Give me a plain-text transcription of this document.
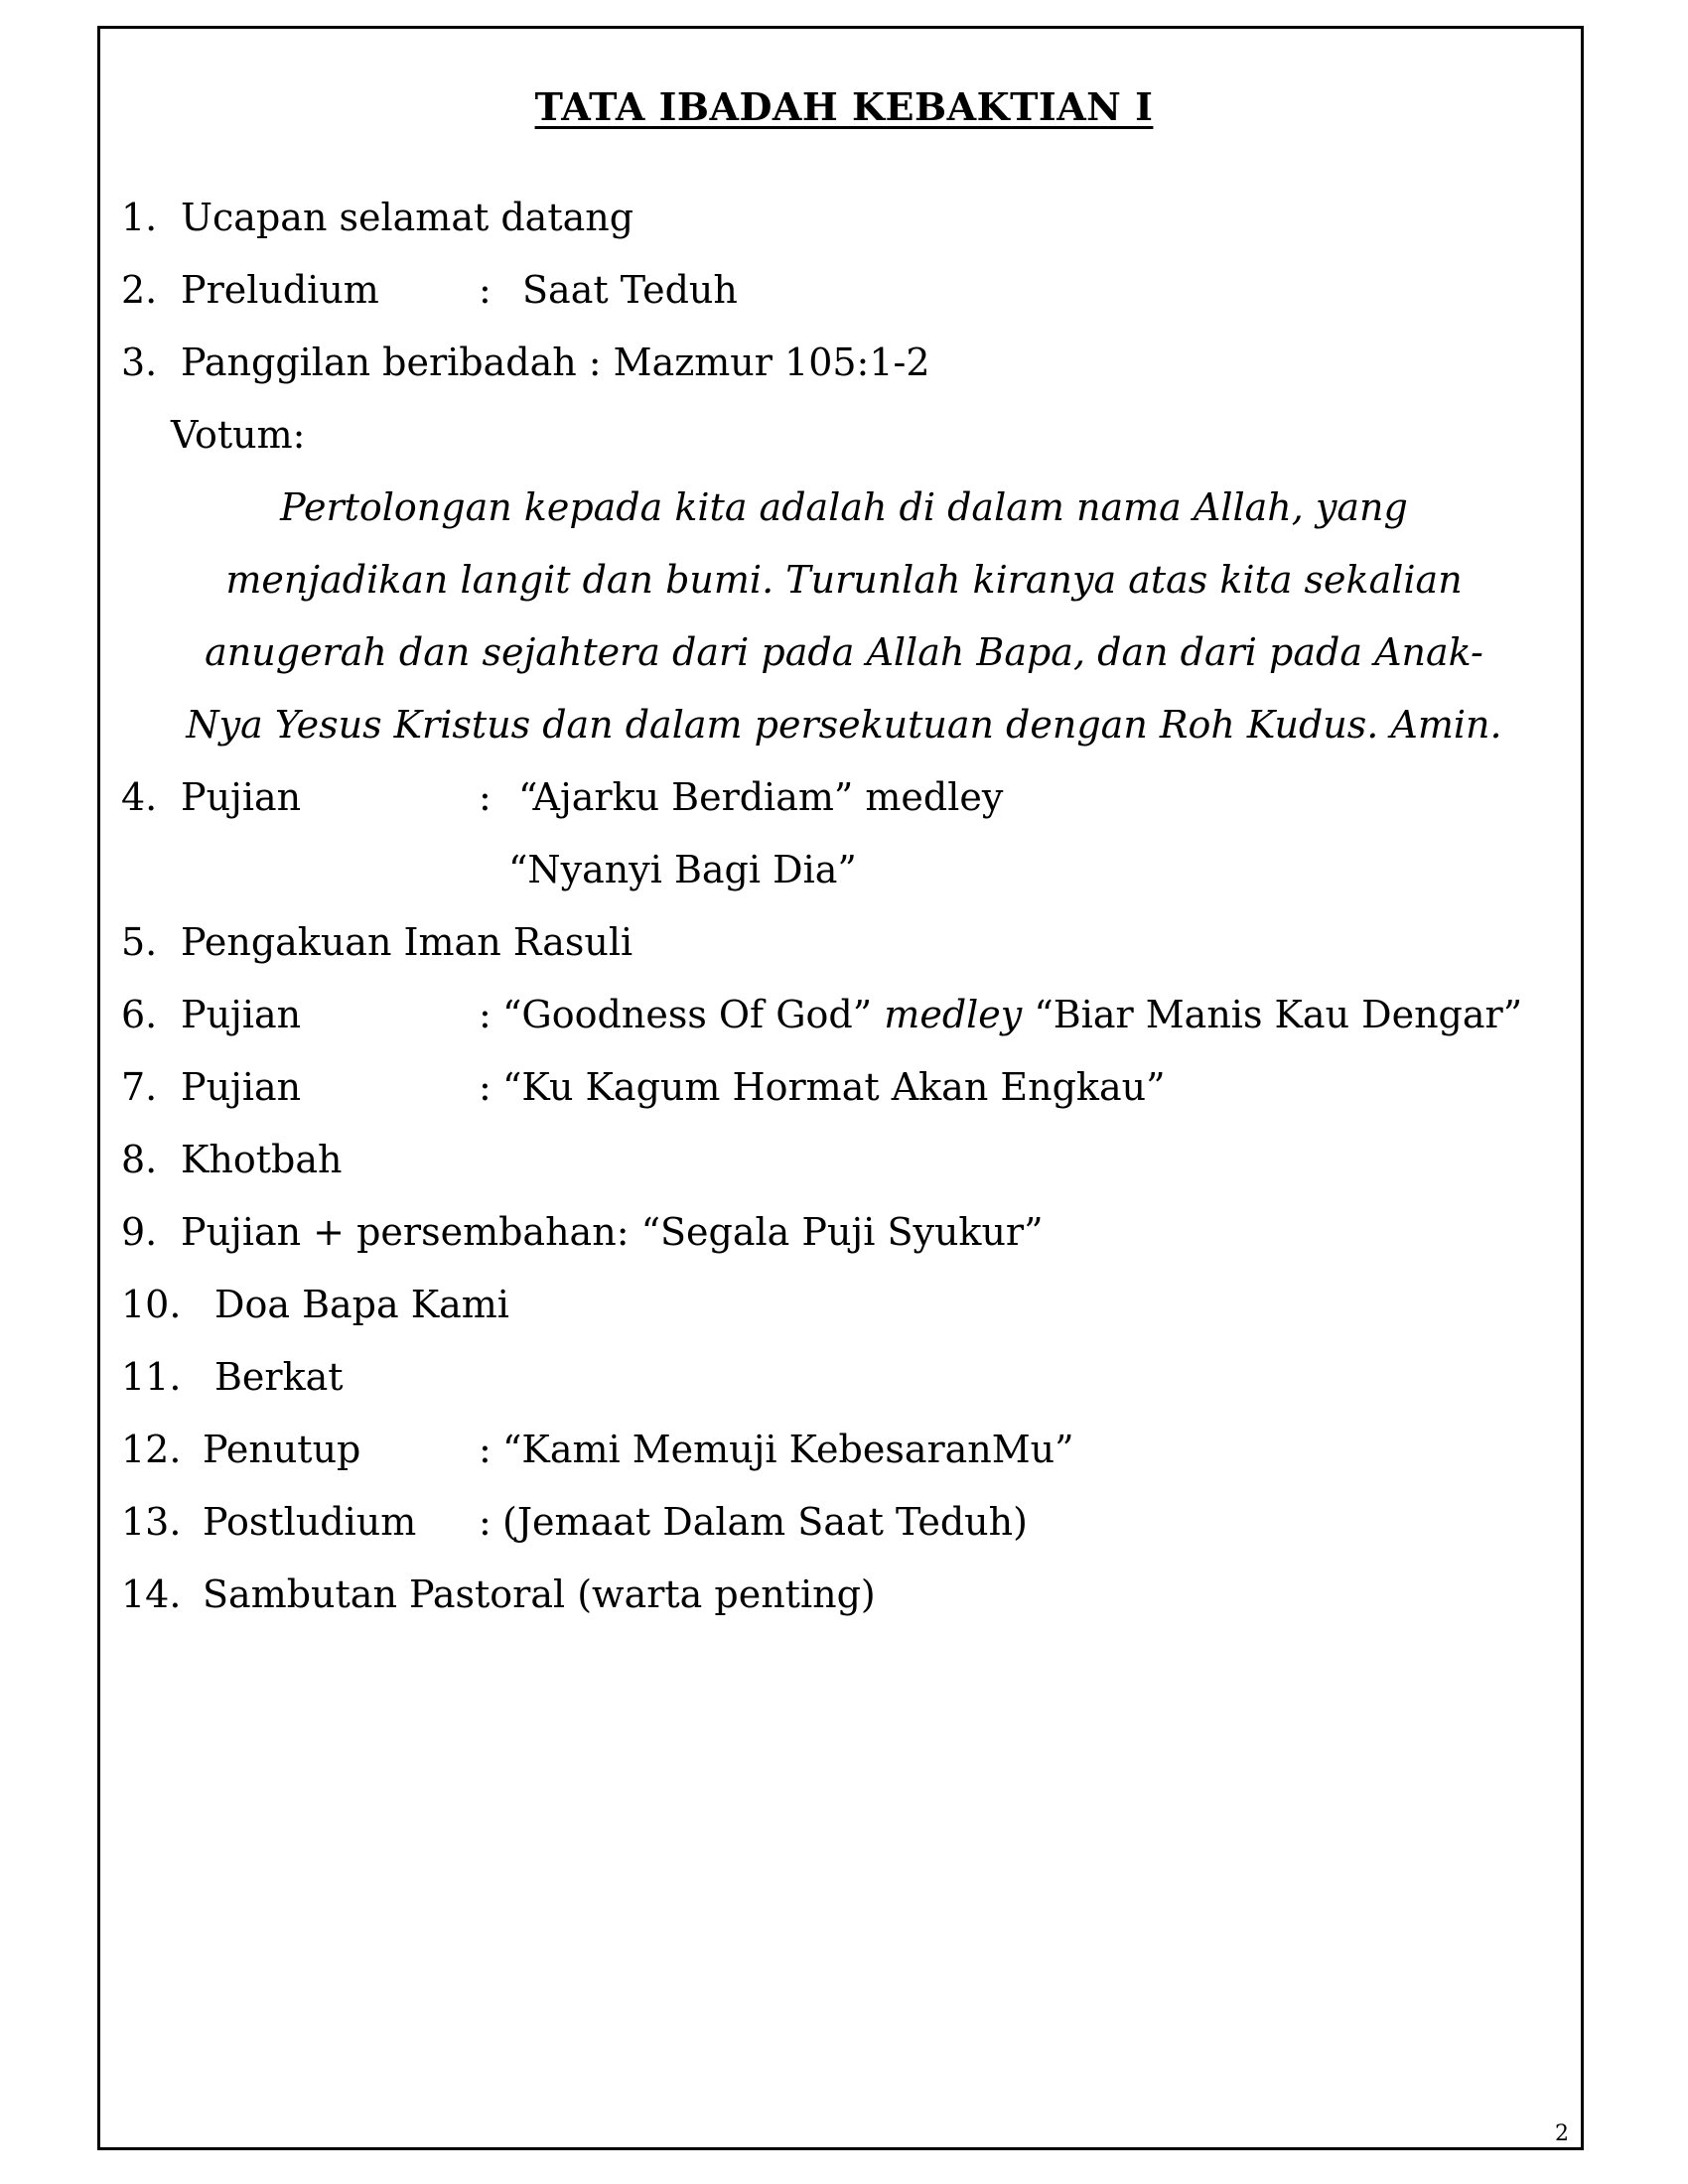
TATA IBADAH KEBAKTIAN I
1. Ucapan selamat datang
2. Preludium	: Saat Teduh
3. Panggilan beribadah : Mazmur 105:1-2
Votum:
Pertolongan kepada kita adalah di dalam nama Allah, yang
menjadikan langit dan bumi. Turunlah kiranya atas kita sekalian
anugerah dan sejahtera dari pada Allah Bapa, dan dari pada Anak-
Nya Yesus Kristus dan dalam persekutuan dengan Roh Kudus. Amin.
4. Pujian	: “Ajarku Berdiam” medley
“Nyanyi Bagi Dia”
5. Pengakuan Iman Rasuli
6. Pujian	: “Goodness Of God” medley “Biar Manis Kau Dengar”
7. Pujian	: “Ku Kagum Hormat Akan Engkau”
8. Khotbah
9. Pujian + persembahan: “Segala Puji Syukur”
10. Doa Bapa Kami
11. Berkat
12. Penutup	: “Kami Memuji KebesaranMu”
13. Postludium : (Jemaat Dalam Saat Teduh)
14. Sambutan Pastoral (warta penting)
2
